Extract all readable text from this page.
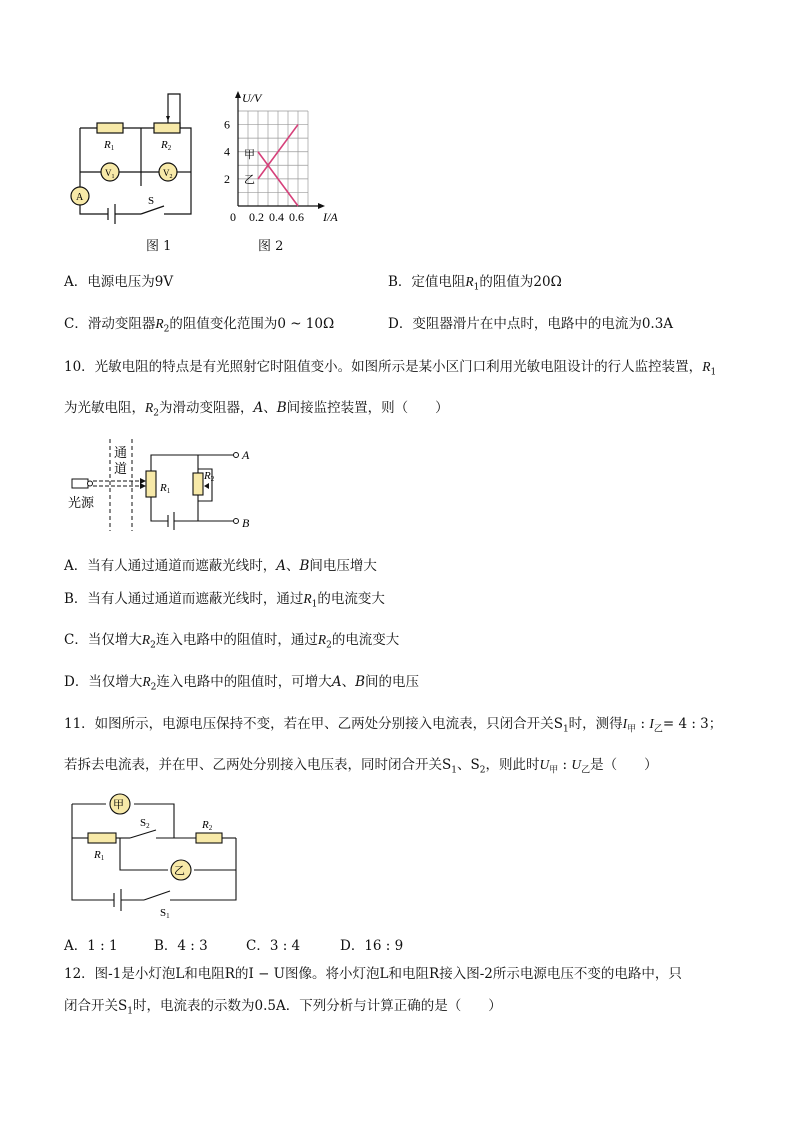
R1	R2
$V_1$	$V_2$
A	S
图 1
U/V
I/A
6
4
2
0 0.2 0.4 0.6
甲
乙
图 2
A．电源电压为9V	B．定值电阻$R_1$的阻值为20Ω
C．滑动变阻器$R_2$的阻值变化范围为0 ~ 10Ω	D．变阻器滑片在中点时，电路中的电流为0.3A
10．光敏电阻的特点是有光照射它时阻值变小。如图所示是某小区门口利用光敏电阻设计的行人监控装置，$R_1$
为光敏电阻，$R_2$为滑动变阻器，A、B间接监控装置，则（　　）
通
道
光源
A
B
R1
R2
A．当有人通过通道而遮蔽光线时，A、B间电压增大
B．当有人通过通道而遮蔽光线时，通过$R_1$的电流变大
C．当仅增大$R_2$连入电路中的阻值时，通过$R_2$的电流变大
D．当仅增大$R_2$连入电路中的阻值时，可增大A、B间的电压
11．如图所示，电源电压保持不变，若在甲、乙两处分别接入电流表，只闭合开关$S_1$时，测得$I_甲$ : $I_乙= 4$ : 3；
若拆去电流表，并在甲、乙两处分别接入电压表，同时闭合开关$S_1$、$S_2$，则此时$U_甲$ : $U_乙$是（　　）
甲
乙
R1
R2
S2
S1
A．1 : 1	B．4 : 3	C．3 : 4	D．16 : 9
12．图-1是小灯泡L和电阻R的I − U图像。将小灯泡L和电阻R接入图-2所示电源电压不变的电路中，只
闭合开关$S_1$时，电流表的示数为0.5A．下列分析与计算正确的是（　　）
